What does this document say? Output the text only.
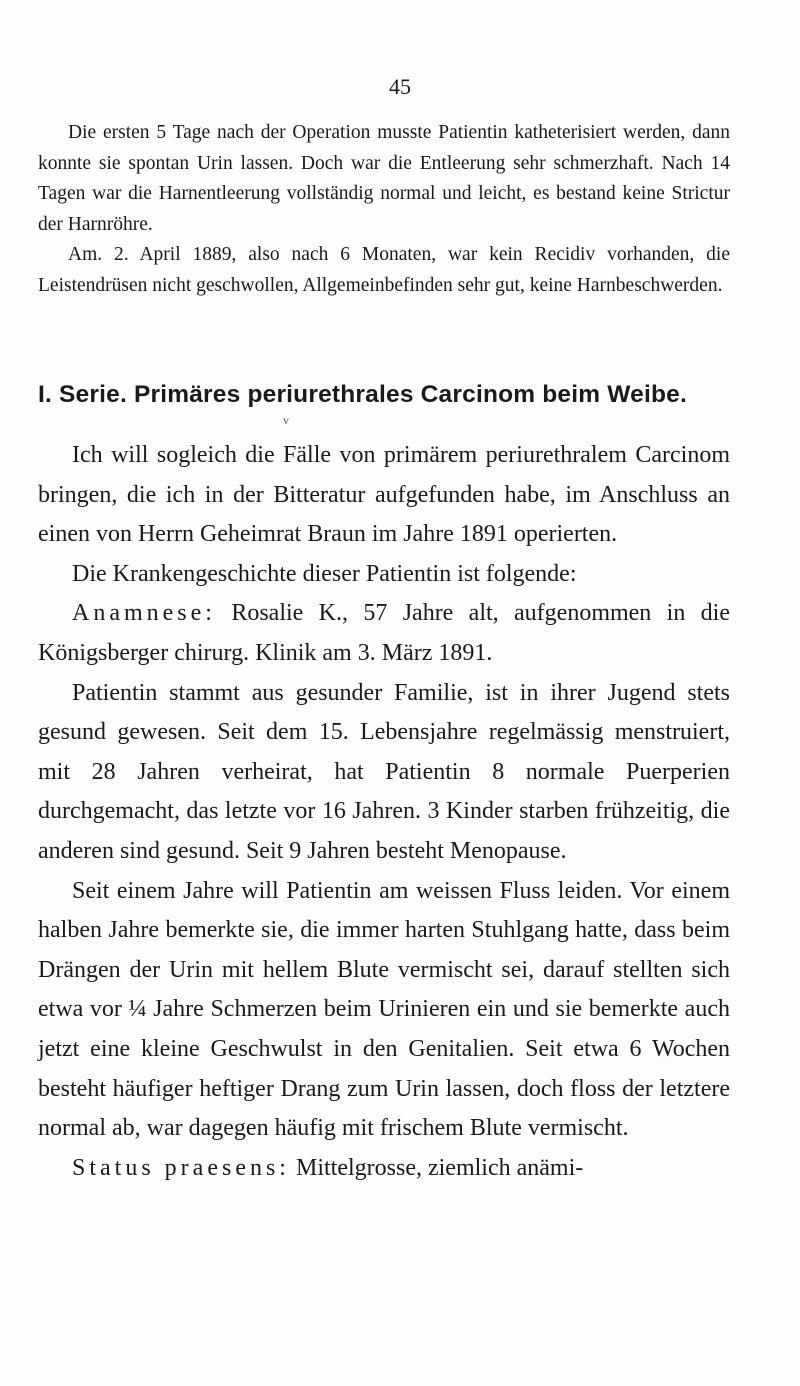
45

Die ersten 5 Tage nach der Operation musste Patientin katheterisiert werden, dann konnte sie spontan Urin lassen. Doch war die Entleerung sehr schmerzhaft. Nach 14 Tagen war die Harnentleerung vollständig normal und leicht, es bestand keine Strictur der Harnröhre.

Am. 2. April 1889, also nach 6 Monaten, war kein Recidiv vorhanden, die Leistendrüsen nicht geschwollen, Allgemeinbefinden sehr gut, keine Harnbeschwerden.

I. Serie. Primäres periurethrales Carcinom beim Weibe.
v

Ich will sogleich die Fälle von primärem periurethralem Carcinom bringen, die ich in der Bitteratur aufgefunden habe, im Anschluss an einen von Herrn Geheimrat Braun im Jahre 1891 operierten.

Die Krankengeschichte dieser Patientin ist folgende:

Anamnese: Rosalie K., 57 Jahre alt, aufgenommen in die Königsberger chirurg. Klinik am 3. März 1891.

Patientin stammt aus gesunder Familie, ist in ihrer Jugend stets gesund gewesen. Seit dem 15. Lebensjahre regelmässig menstruiert, mit 28 Jahren verheirat, hat Patientin 8 normale Puerperien durchgemacht, das letzte vor 16 Jahren. 3 Kinder starben frühzeitig, die anderen sind gesund. Seit 9 Jahren besteht Menopause.

Seit einem Jahre will Patientin am weissen Fluss leiden. Vor einem halben Jahre bemerkte sie, die immer harten Stuhlgang hatte, dass beim Drängen der Urin mit hellem Blute vermischt sei, darauf stellten sich etwa vor ¼ Jahre Schmerzen beim Urinieren ein und sie bemerkte auch jetzt eine kleine Geschwulst in den Genitalien. Seit etwa 6 Wochen besteht häufiger heftiger Drang zum Urin lassen, doch floss der letztere normal ab, war dagegen häufig mit frischem Blute vermischt.

Status praesens: Mittelgrosse, ziemlich anämi-
